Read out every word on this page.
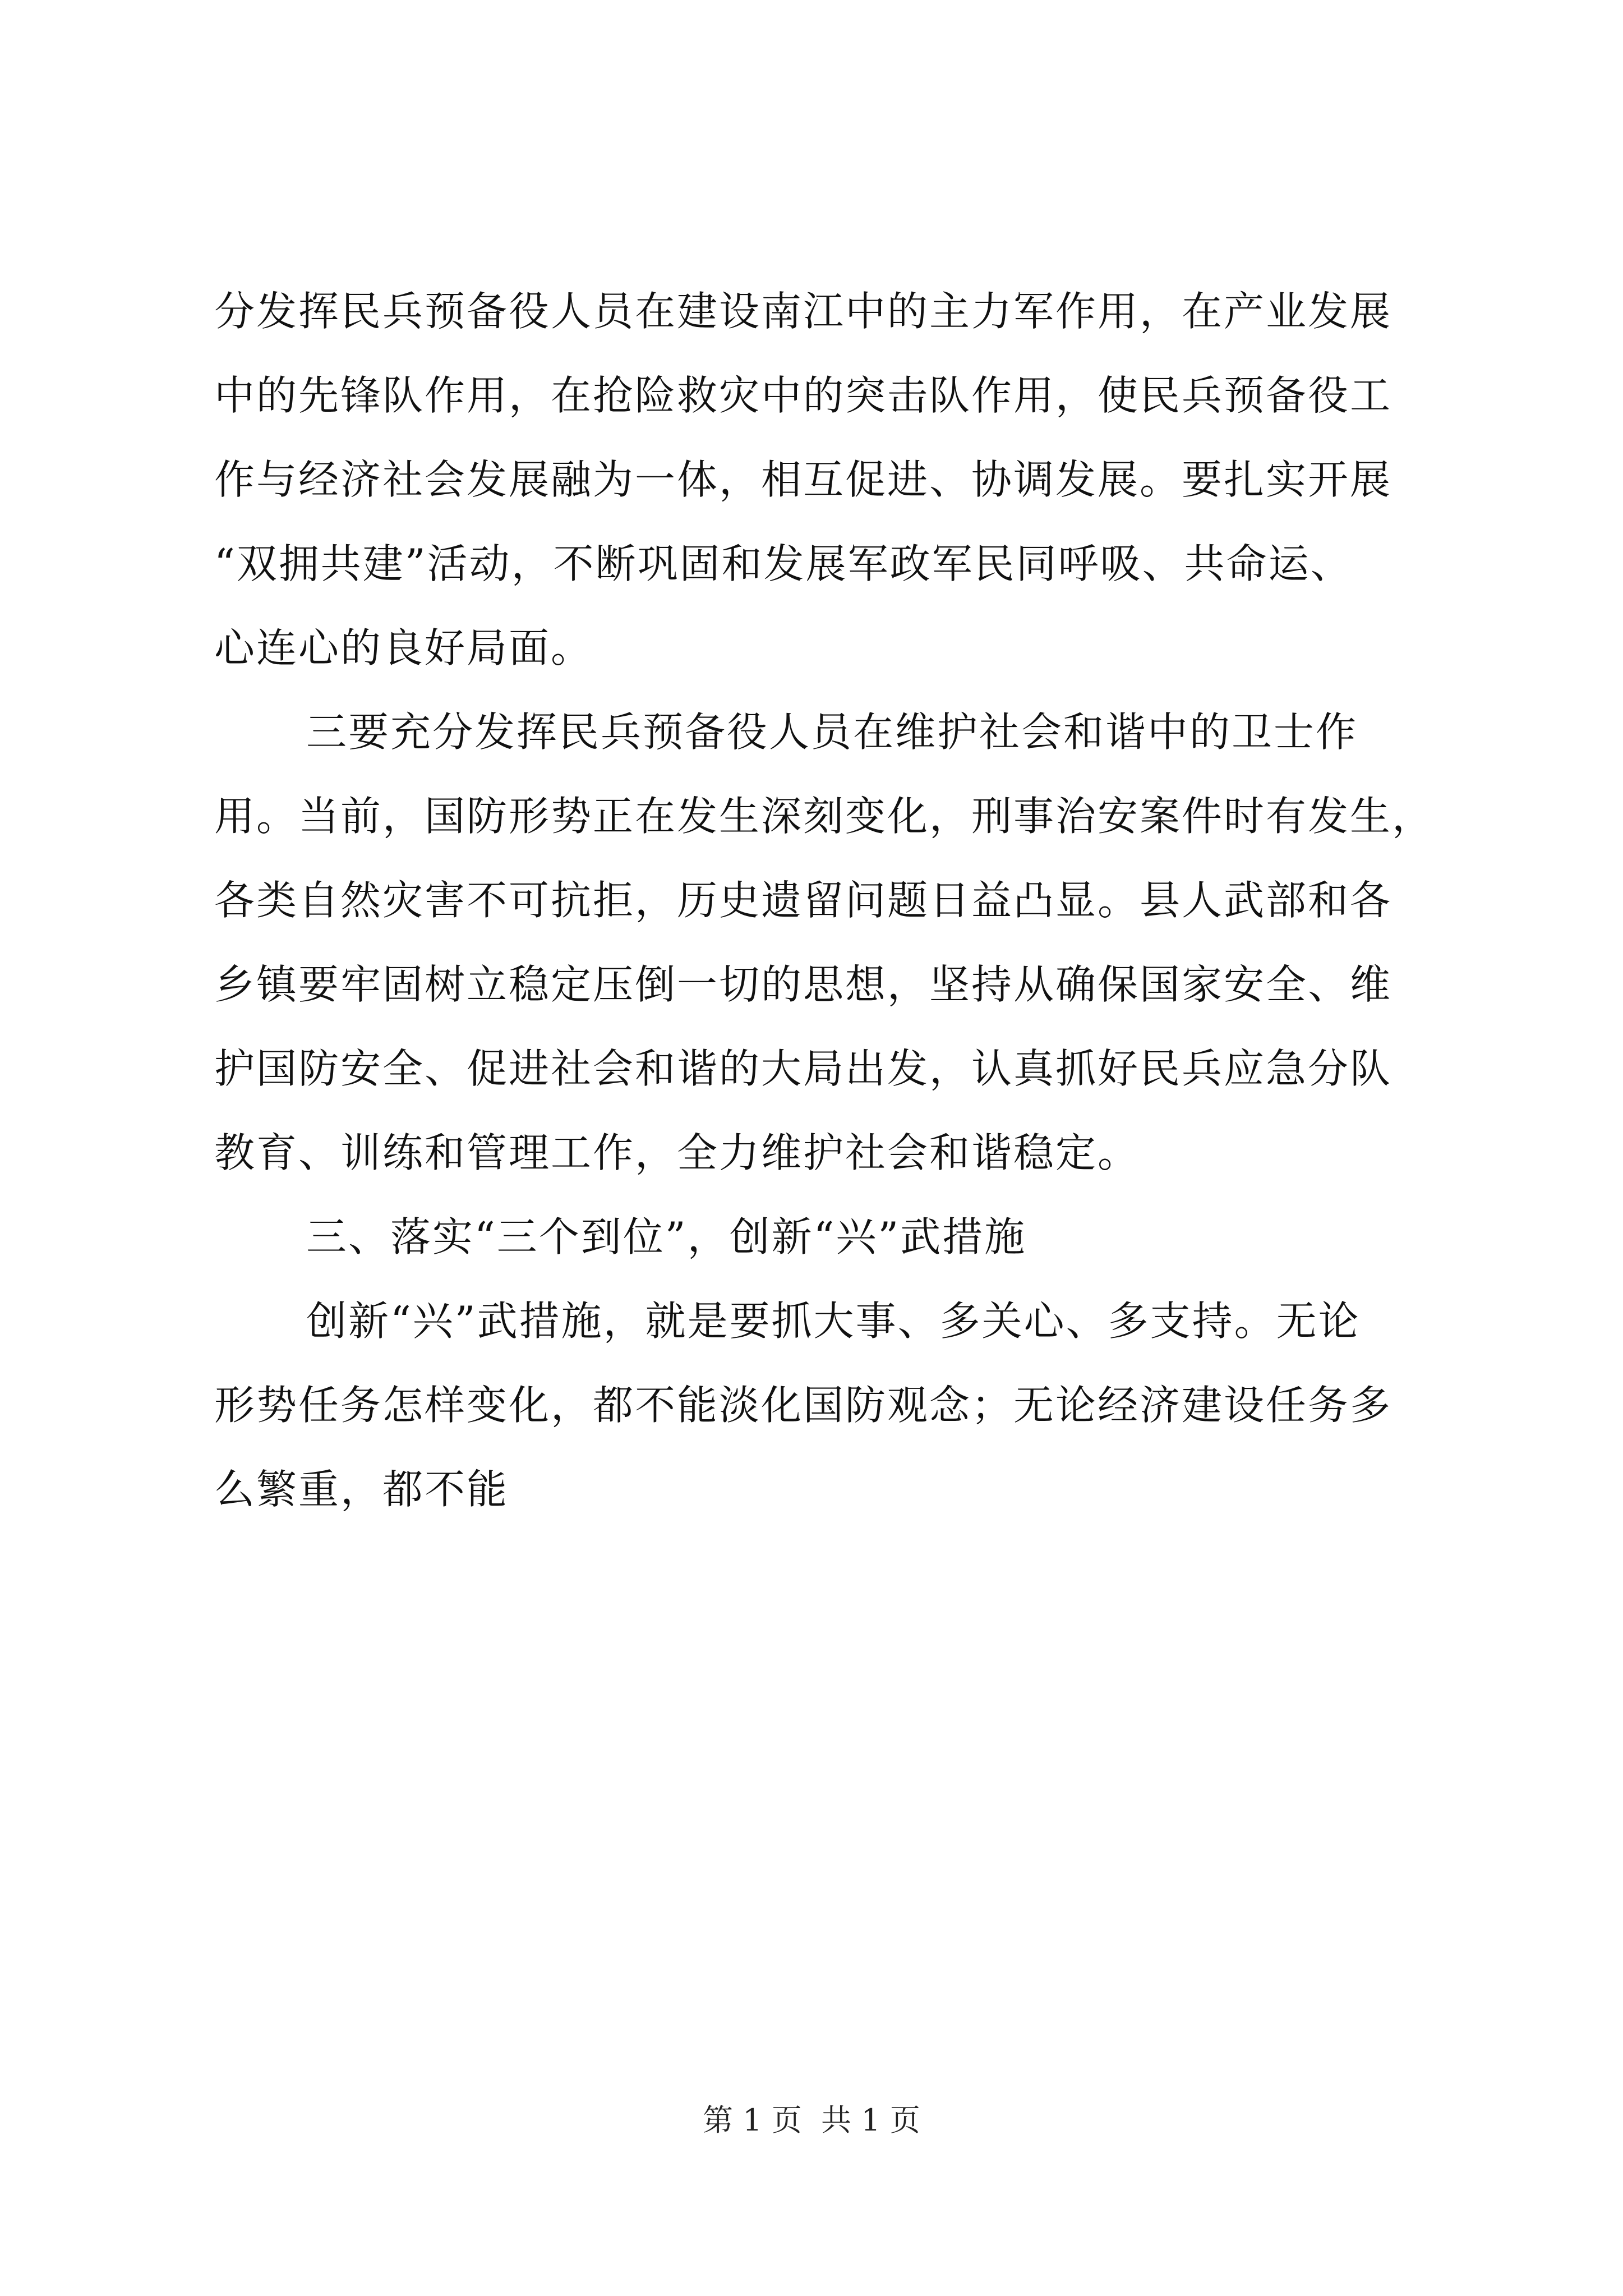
分发挥民兵预备役人员在建设南江中的主力军作用，在产业发展
中的先锋队作用，在抢险救灾中的突击队作用，使民兵预备役工
作与经济社会发展融为一体，相互促进、协调发展。要扎实开展
“双拥共建”活动，不断巩固和发展军政军民同呼吸、共命运、
心连心的良好局面。
三要充分发挥民兵预备役人员在维护社会和谐中的卫士作
用。当前，国防形势正在发生深刻变化，刑事治安案件时有发生，
各类自然灾害不可抗拒，历史遗留问题日益凸显。县人武部和各
乡镇要牢固树立稳定压倒一切的思想，坚持从确保国家安全、维
护国防安全、促进社会和谐的大局出发，认真抓好民兵应急分队
教育、训练和管理工作，全力维护社会和谐稳定。
三、落实“三个到位”，创新“兴”武措施
创新“兴”武措施，就是要抓大事、多关心、多支持。无论
形势任务怎样变化，都不能淡化国防观念；无论经济建设任务多
么繁重，都不能
第 1 页  共 1 页
